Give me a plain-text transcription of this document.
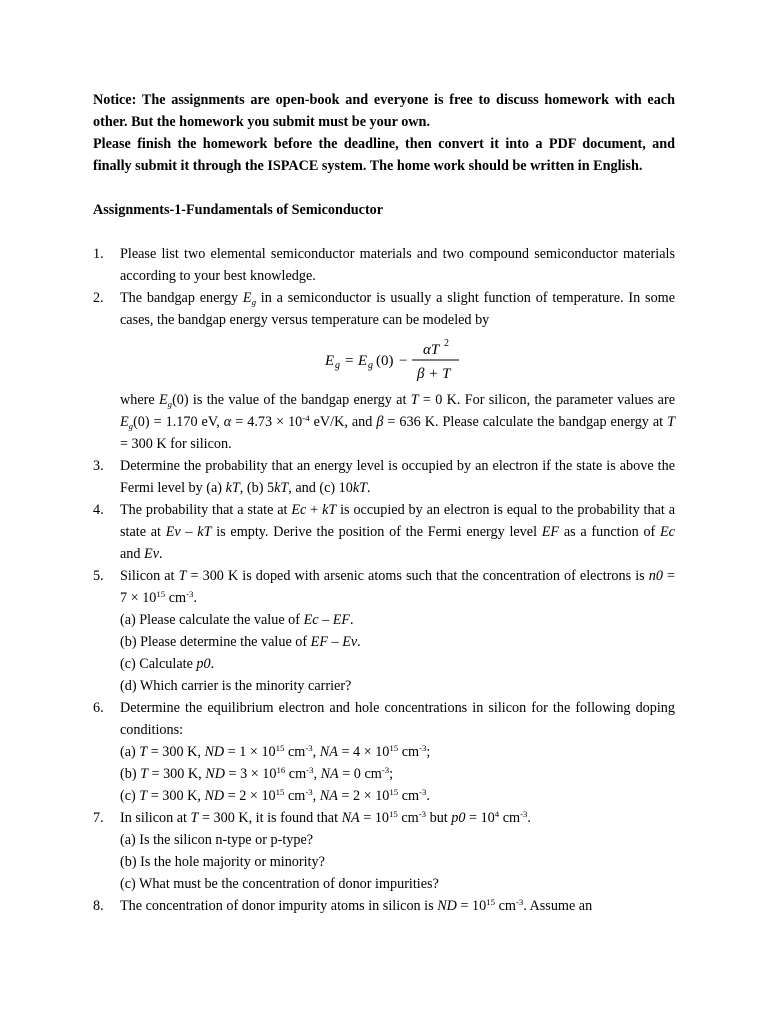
Notice: The assignments are open-book and everyone is free to discuss homework with each other. But the homework you submit must be your own.

Please finish the homework before the deadline, then convert it into a PDF document, and finally submit it through the ISPACE system. The home work should be written in English.

Assignments-1-Fundamentals of Semiconductor
1. Please list two elemental semiconductor materials and two compound semiconductor materials according to your best knowledge.
2. The bandgap energy $E_g$ in a semiconductor is usually a slight function of temperature. In some cases, the bandgap energy versus temperature can be modeled by
E g = E g (0) −
αT 2
β + T
where $E_g(0)$ is the value of the bandgap energy at T = 0 K. For silicon, the parameter values are $E_g(0) = 1.170$ eV, $\alpha = 4.73 \times 10^{-4}$ eV/K, and β = 636 K. Please calculate the bandgap energy at T = 300 K for silicon.
3. Determine the probability that an energy level is occupied by an electron if the state is above the Fermi level by (a) kT, (b) 5kT, and (c) 10kT.
4. The probability that a state at Ec + kT is occupied by an electron is equal to the probability that a state at Ev – kT is empty. Derive the position of the Fermi energy level EF as a function of Ec and Ev.
5. Silicon at T = 300 K is doped with arsenic atoms such that the concentration of electrons is $n0 = 7 \times 10^{15}$ $cm^{-3}$.
(a) Please calculate the value of Ec – EF.
(b) Please determine the value of EF – Ev.
(c) Calculate p0.
(d) Which carrier is the minority carrier?
6. Determine the equilibrium electron and hole concentrations in silicon for the following doping conditions:
(a) T = 300 K, ND = $1 \times 10^{15}$ $cm^{-3}$, NA = $4 \times 10^{15}$ $cm^{-3}$;
(b) T = 300 K, ND = $3 \times 10^{16}$ $cm^{-3}$, NA = 0 $cm^{-3}$;
(c) T = 300 K, ND = $2 \times 10^{15}$ $cm^{-3}$, NA = $2 \times 10^{15}$ $cm^{-3}$.
7. In silicon at T = 300 K, it is found that NA = $10^{15}$ $cm^{-3}$ but $p0 = 10^4$ $cm^{-3}$.
(a) Is the silicon n-type or p-type?
(b) Is the hole majority or minority?
(c) What must be the concentration of donor impurities?
8. The concentration of donor impurity atoms in silicon is ND = $10^{15}$ $cm^{-3}$. Assume an
